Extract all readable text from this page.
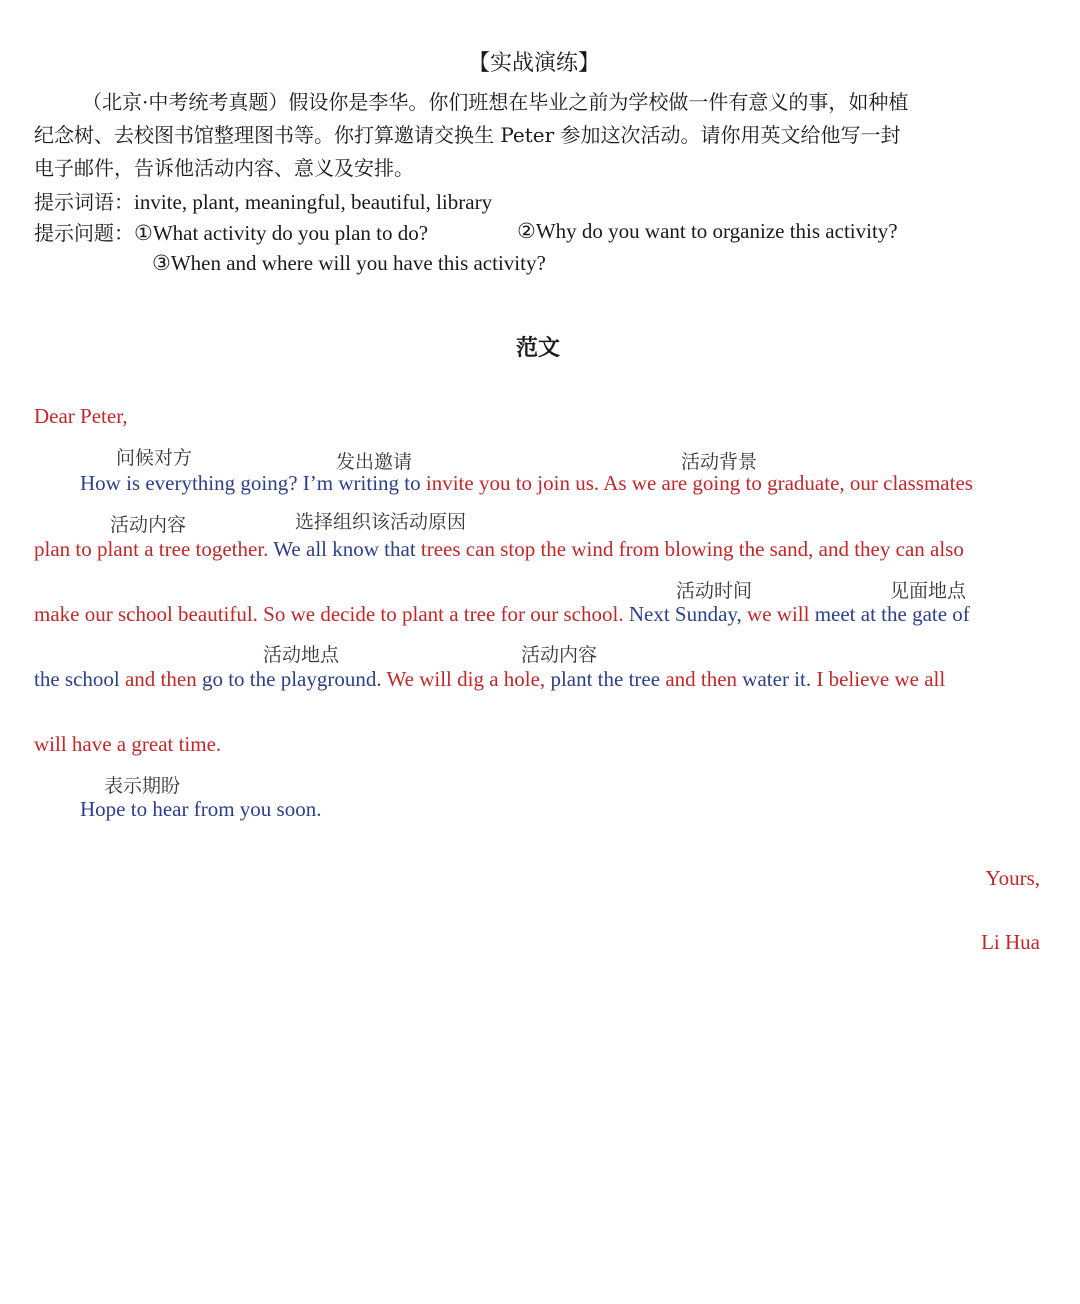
【实战演练】
（北京·中考统考真题）假设你是李华。你们班想在毕业之前为学校做一件有意义的事，如种植
纪念树、去校图书馆整理图书等。你打算邀请交换生 Peter 参加这次活动。请你用英文给他写一封
电子邮件，告诉他活动内容、意义及安排。
提示词语：invite, plant, meaningful, beautiful, library
提示问题：①What activity do you plan to do?	②Why do you want to organize this activity?
③When and where will you have this activity?
范文
Dear Peter,
问候对方	发出邀请	活动背景
How is everything going? I’m writing to invite you to join us. As we are going to graduate, our classmates
活动内容	选择组织该活动原因
plan to plant a tree together. We all know that trees can stop the wind from blowing the sand, and they can also
活动时间	见面地点
make our school beautiful. So we decide to plant a tree for our school. Next Sunday, we will meet at the gate of
活动地点	活动内容
the school and then go to the playground. We will dig a hole, plant the tree and then water it. I believe we all
will have a great time.
表示期盼
Hope to hear from you soon.
Yours,
Li Hua
